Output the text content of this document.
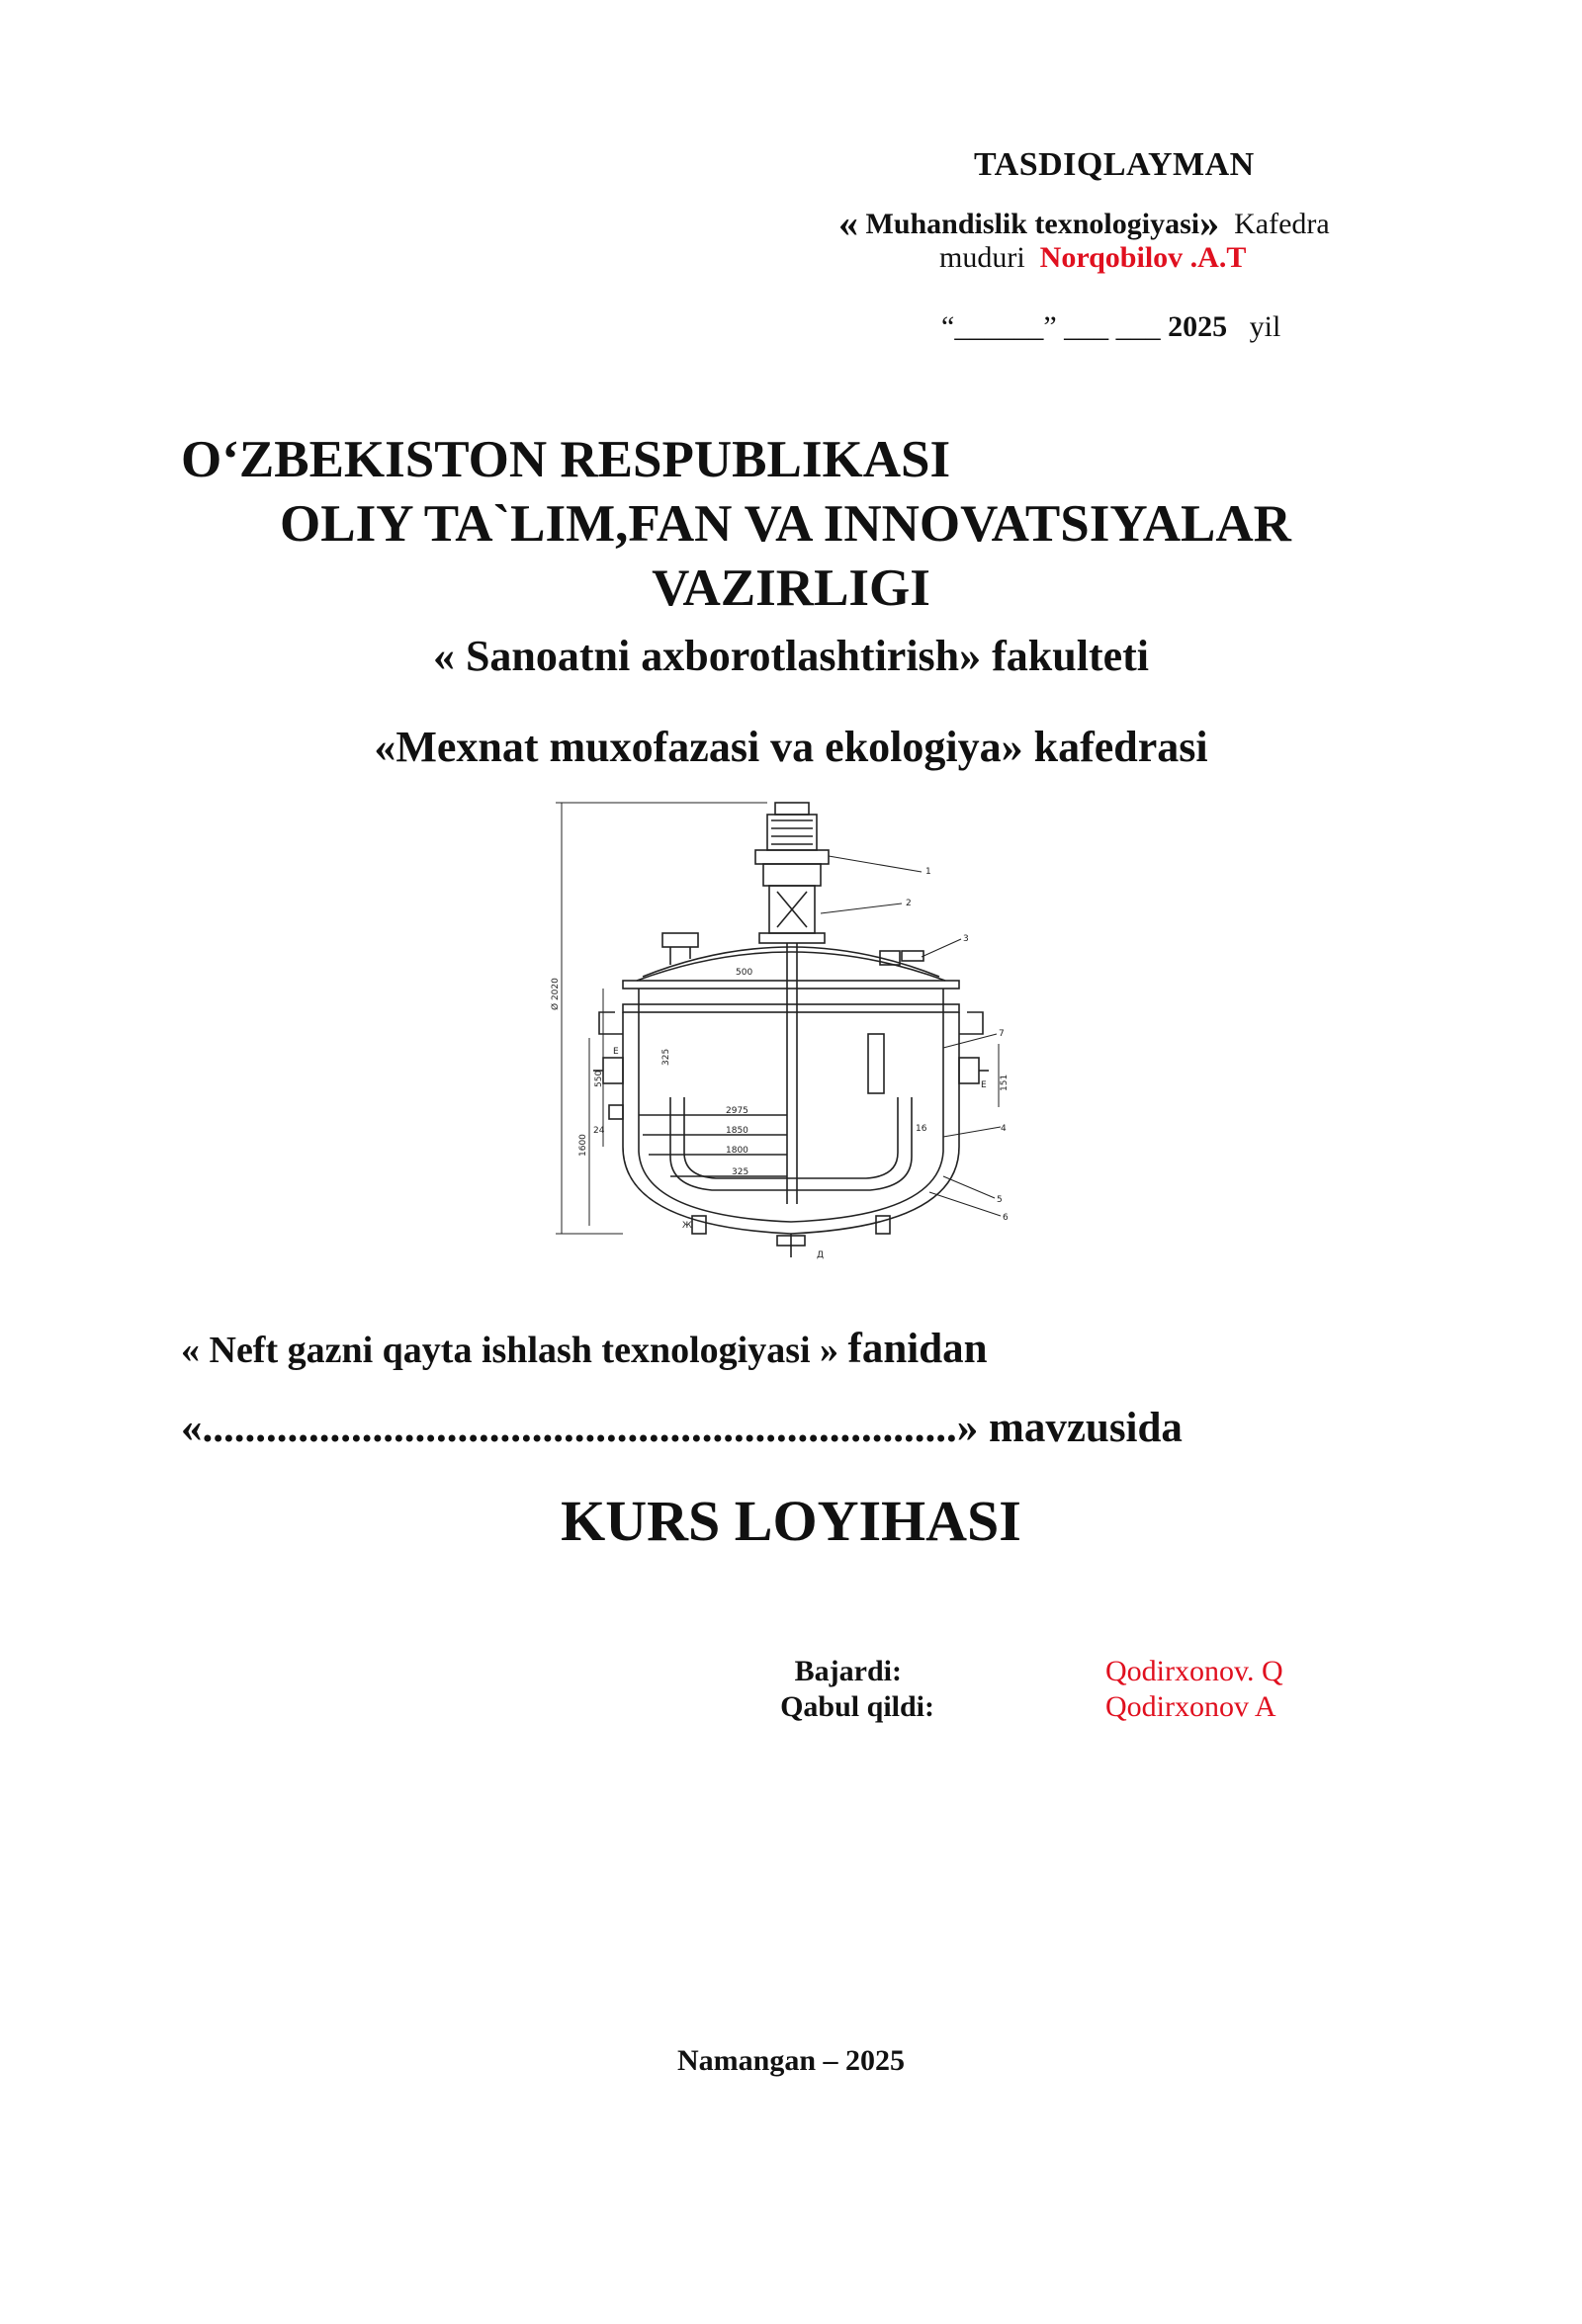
TASDIQLAYMAN
« Muhandislik texnologiyasi» Kafedra
muduri Norqobilov .A.T
“______” ___ ___ 2025 yil
O‘ZBEKISTON RESPUBLIKASI
OLIY TA`LIM,FAN VA INNOVATSIYALAR
VAZIRLIGI
« Sanoatni axborotlashtirish» fakulteti
«Mexnat muxofazasi va ekologiya» kafedrasi
2975
1850
1800
325
500
16
24
Ø 2020
550
325
151
1600
1
2
3
4
5
6
7
E
E
Ж
Д
« Neft gazni qayta ishlash texnologiyasi » fanidan
«.......................................................................» mavzusida
KURS LOYIHASI
Bajardi:
Qabul qildi:
Qodirxonov. Q
Qodirxonov A
Namangan – 2025
